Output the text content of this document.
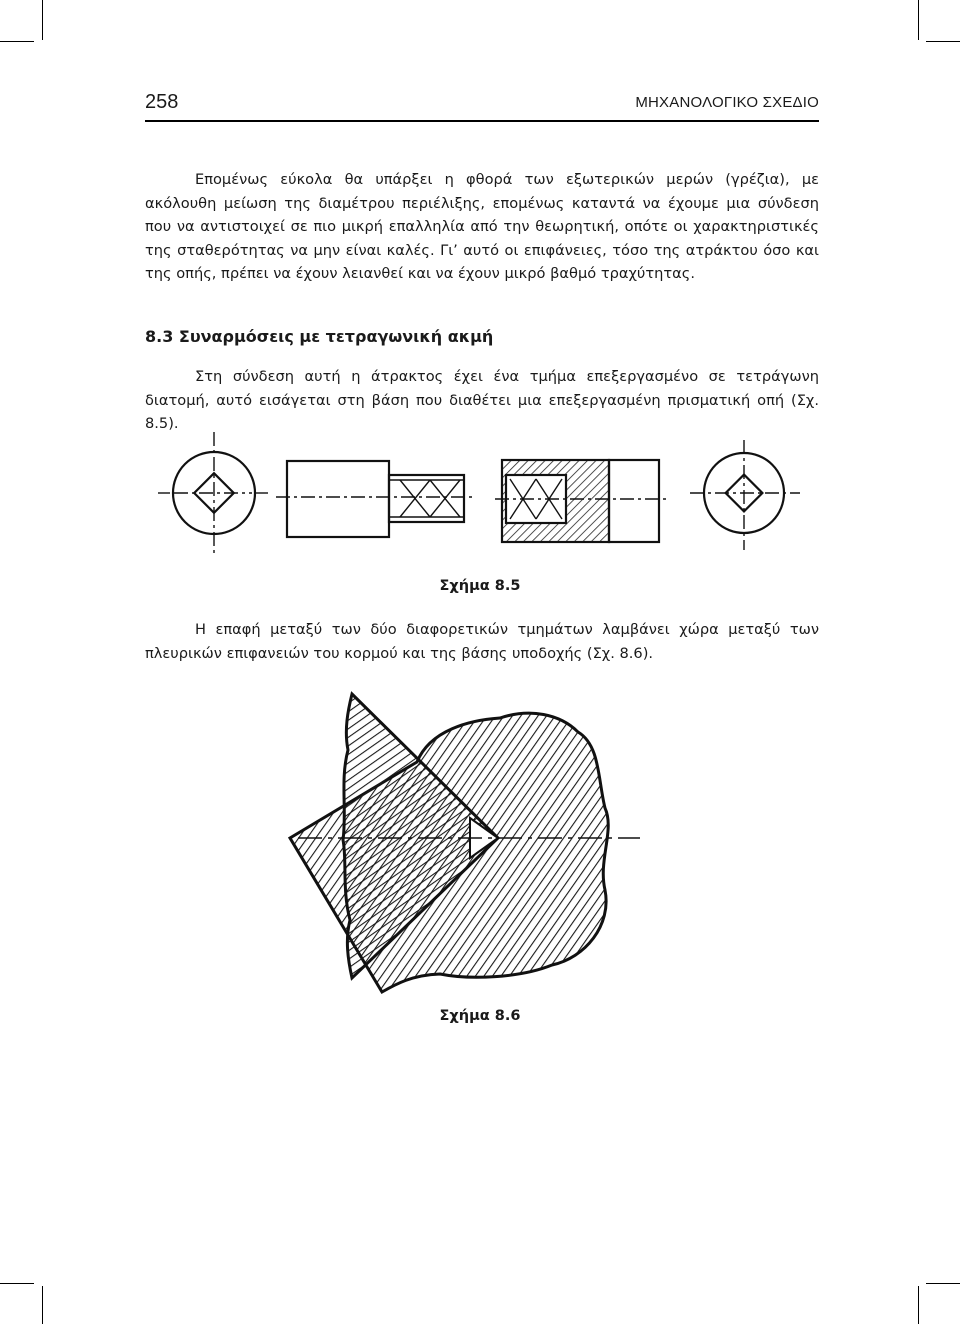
258	ΜΗΧΑΝΟΛΟΓΙΚΟ ΣΧΕΔΙΟ

Επομένως εύκολα θα υπάρξει η φθορά των εξωτερικών μερών (γρέζια), με ακόλουθη μείωση της διαμέτρου περιέλιξης, επομένως καταντά να έχουμε μια σύνδεση που να αντιστοιχεί σε πιο μικρή επαλληλία από την θεωρητική, οπότε οι χαρακτηριστικές της σταθερότητας να μην είναι καλές. Γι’ αυτό οι επιφάνειες, τόσο της ατράκτου όσο και της οπής, πρέπει να έχουν λειανθεί και να έχουν μικρό βαθμό τραχύτητας.

8.3 Συναρμόσεις με τετραγωνική ακμή

Στη σύνδεση αυτή η άτρακτος έχει ένα τμήμα επεξεργασμένο σε τετράγωνη διατομή, αυτό εισάγεται στη βάση που διαθέτει μια επεξεργασμένη πρισματική οπή (Σχ. 8.5).

Σχήμα 8.5

Η επαφή μεταξύ των δύο διαφορετικών τμημάτων λαμβάνει χώρα μεταξύ των πλευρικών επιφανειών του κορμού και της βάσης υποδοχής (Σχ. 8.6).

Σχήμα 8.6
